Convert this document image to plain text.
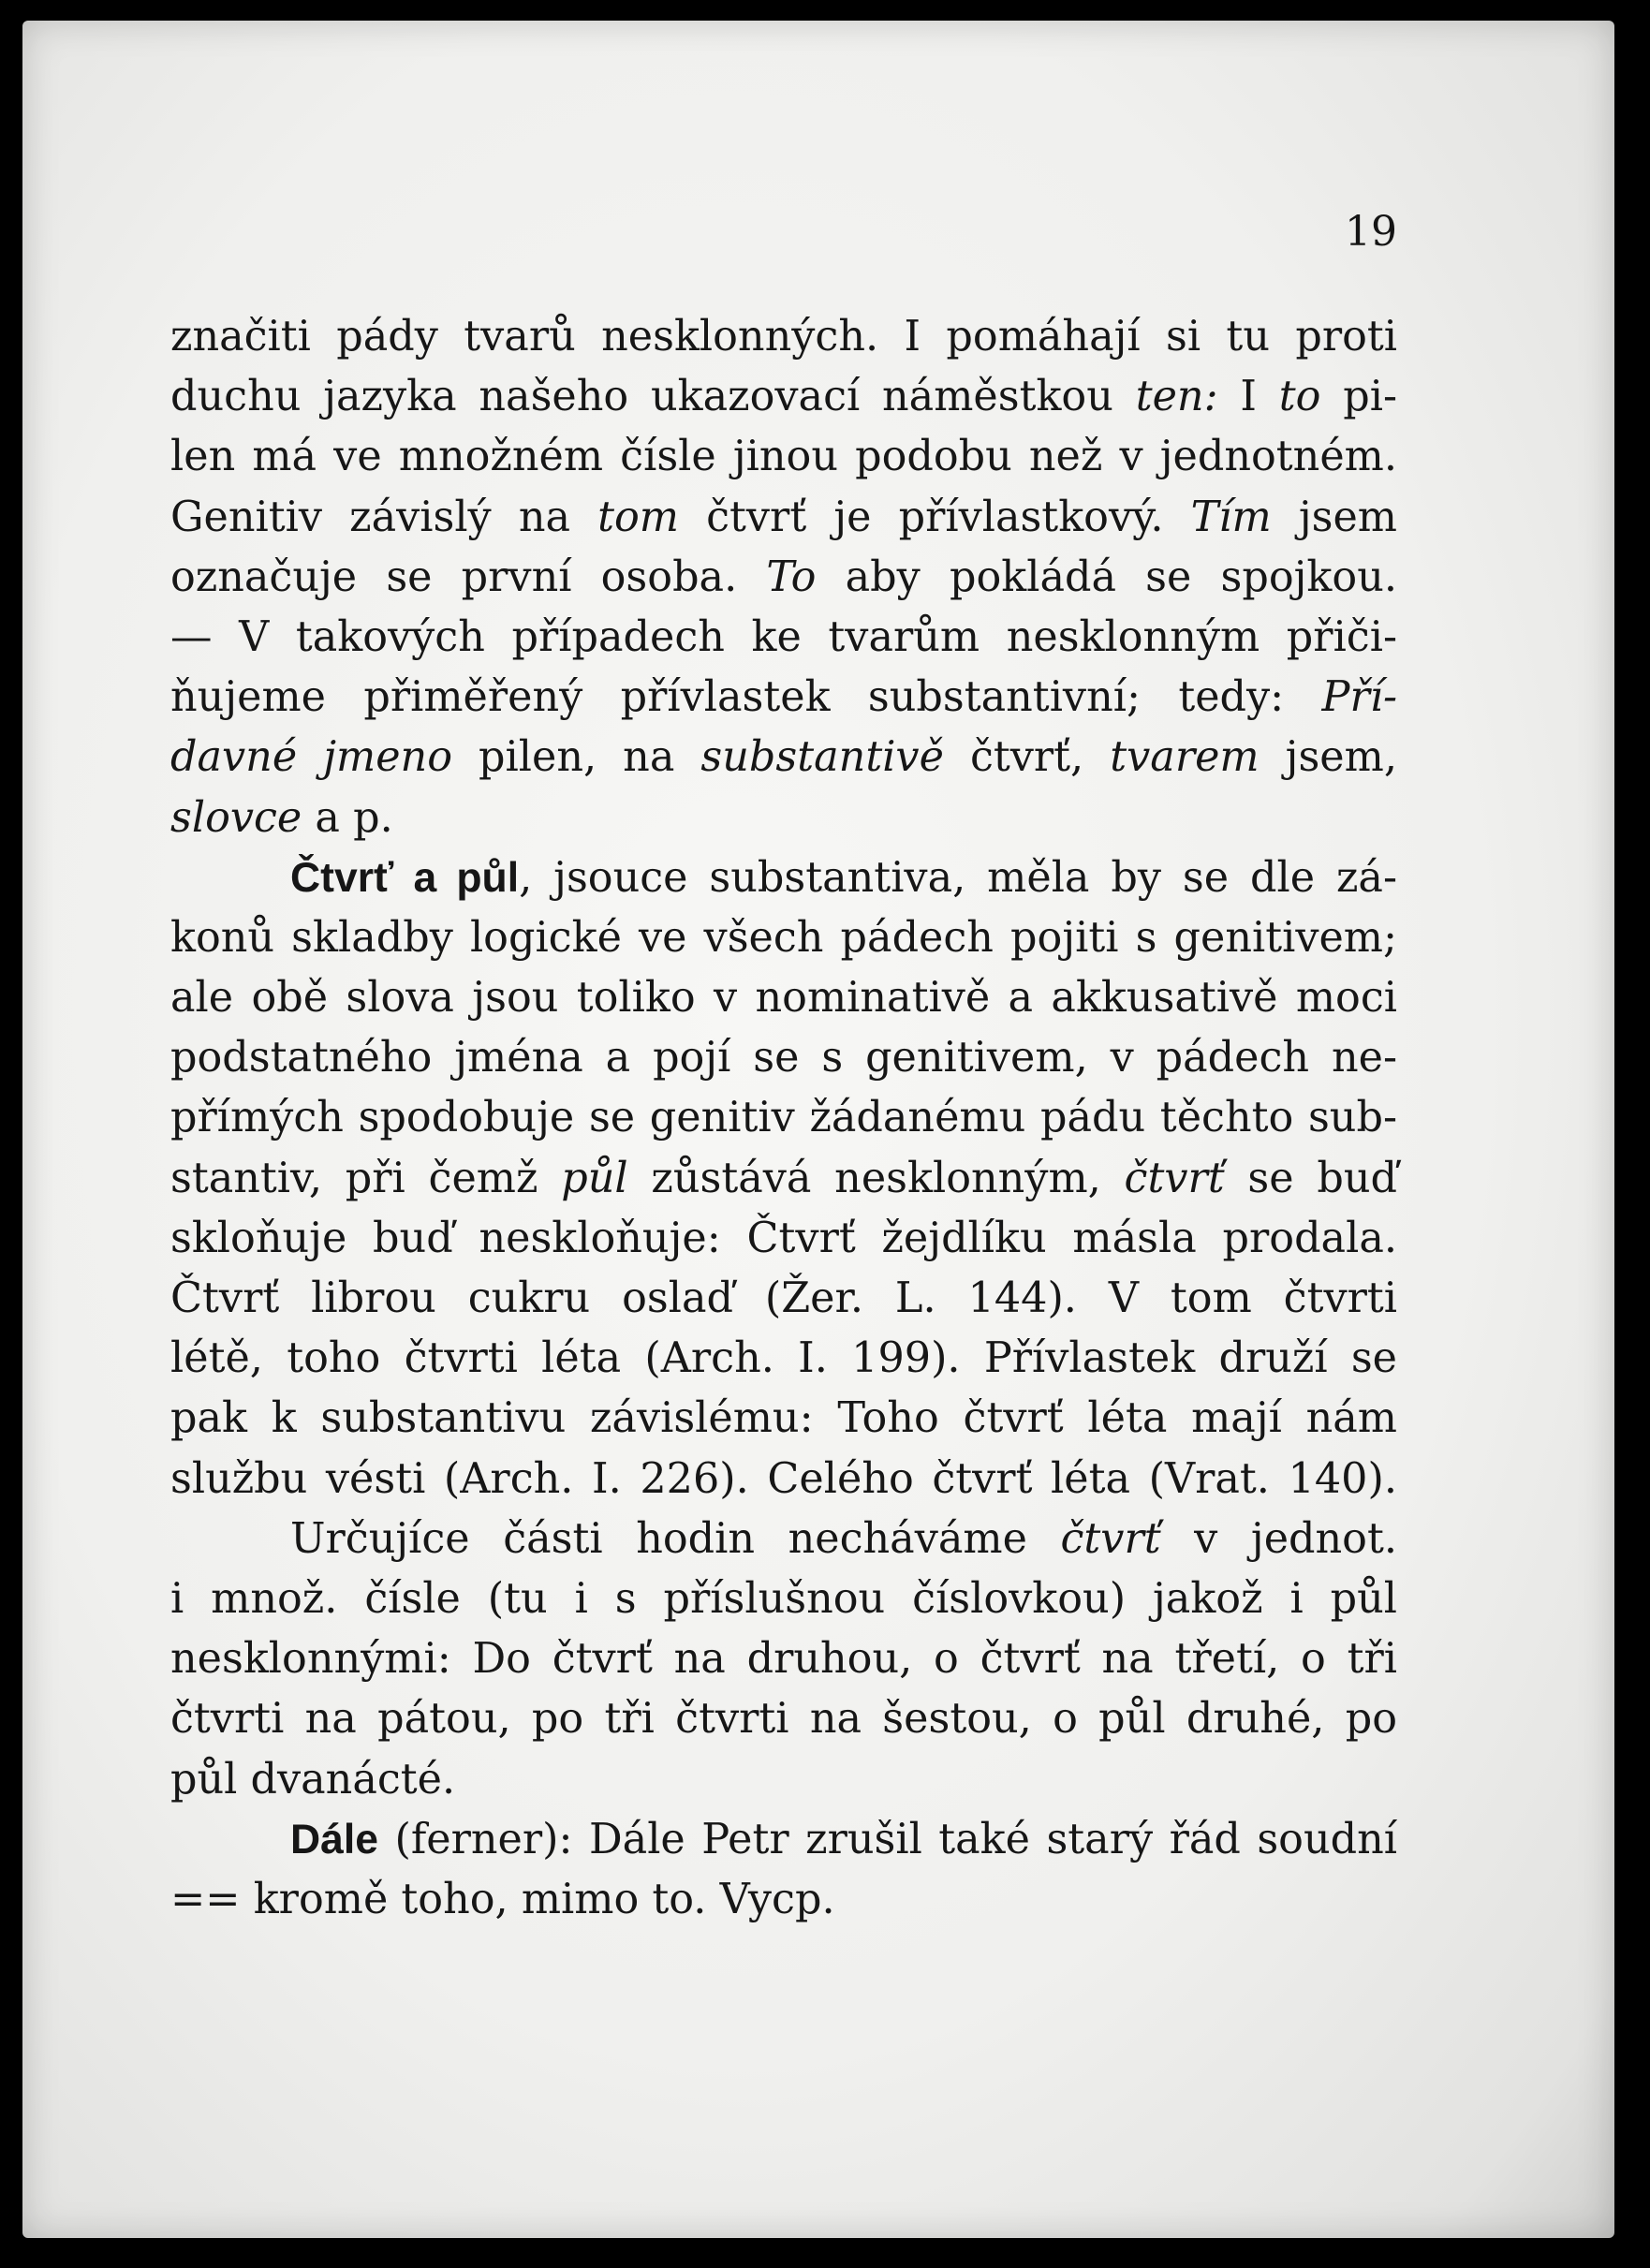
19
značiti pády tvarů nesklonných. I pomáhají si tu proti
duchu jazyka našeho ukazovací náměstkou ten: I to pi-
len má ve množném čísle jinou podobu než v jednotném.
Genitiv závislý na tom čtvrť je přívlastkový. Tím jsem
označuje se první osoba. To aby pokládá se spojkou.
— V takových případech ke tvarům nesklonným přiči-
ňujeme přiměřený přívlastek substantivní; tedy: Pří-
davné jmeno pilen, na substantivě čtvrť, tvarem jsem,
slovce a p.
Čtvrť a půl, jsouce substantiva, měla by se dle zá-
konů skladby logické ve všech pádech pojiti s genitivem;
ale obě slova jsou toliko v nominativě a akkusativě moci
podstatného jména a pojí se s genitivem, v pádech ne-
přímých spodobuje se genitiv žádanému pádu těchto sub-
stantiv, při čemž půl zůstává nesklonným, čtvrť se buď
skloňuje buď neskloňuje: Čtvrť žejdlíku másla prodala.
Čtvrť librou cukru oslaď (Žer. L. 144). V tom čtvrti
létě, toho čtvrti léta (Arch. I. 199). Přívlastek druží se
pak k substantivu závislému: Toho čtvrť léta mají nám
službu vésti (Arch. I. 226). Celého čtvrť léta (Vrat. 140).
Určujíce části hodin necháváme čtvrť v jednot.
i množ. čísle (tu i s příslušnou číslovkou) jakož i půl
nesklonnými: Do čtvrť na druhou, o čtvrť na třetí, o tři
čtvrti na pátou, po tři čtvrti na šestou, o půl druhé, po
půl dvanácté.
Dále (ferner): Dále Petr zrušil také starý řád soudní
== kromě toho, mimo to. Vycp.
